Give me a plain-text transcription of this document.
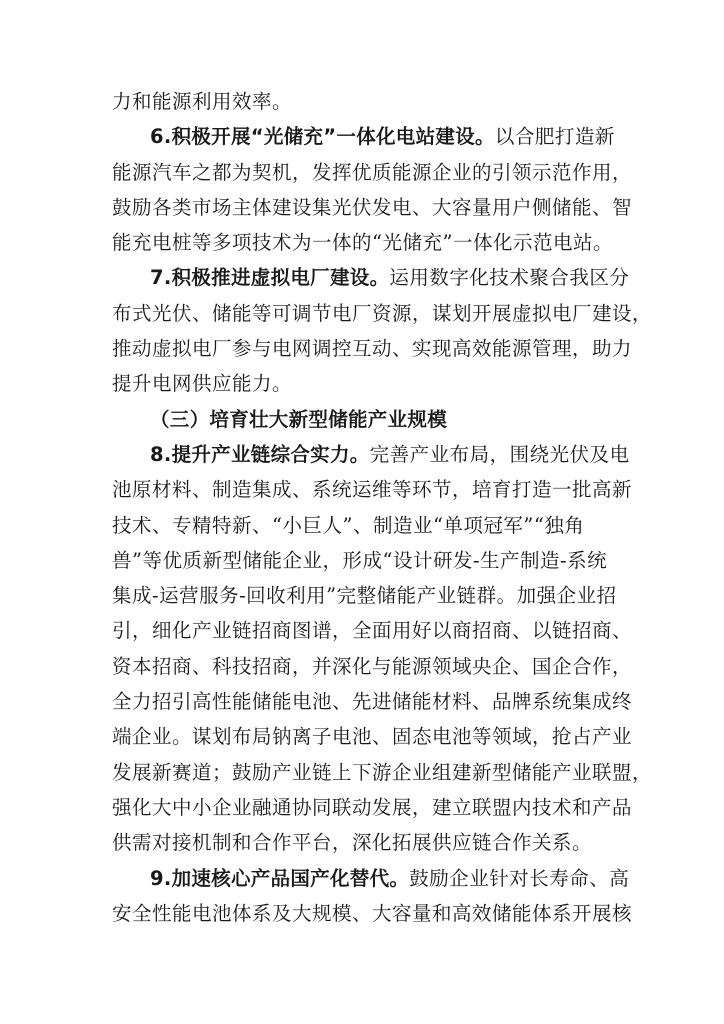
力和能源利用效率。
6.积极开展“光储充”一体化电站建设。以合肥打造新
能源汽车之都为契机，发挥优质能源企业的引领示范作用，
鼓励各类市场主体建设集光伏发电、大容量用户侧储能、智
能充电桩等多项技术为一体的“光储充”一体化示范电站。
7.积极推进虚拟电厂建设。运用数字化技术聚合我区分
布式光伏、储能等可调节电厂资源，谋划开展虚拟电厂建设，
推动虚拟电厂参与电网调控互动、实现高效能源管理，助力
提升电网供应能力。
（三）培育壮大新型储能产业规模
8.提升产业链综合实力。完善产业布局，围绕光伏及电
池原材料、制造集成、系统运维等环节，培育打造一批高新
技术、专精特新、“小巨人”、制造业“单项冠军”“独角
兽”等优质新型储能企业，形成“设计研发-生产制造-系统
集成-运营服务-回收利用”完整储能产业链群。加强企业招
引，细化产业链招商图谱，全面用好以商招商、以链招商、
资本招商、科技招商，并深化与能源领域央企、国企合作，
全力招引高性能储能电池、先进储能材料、品牌系统集成终
端企业。谋划布局钠离子电池、固态电池等领域，抢占产业
发展新赛道；鼓励产业链上下游企业组建新型储能产业联盟，
强化大中小企业融通协同联动发展，建立联盟内技术和产品
供需对接机制和合作平台，深化拓展供应链合作关系。
9.加速核心产品国产化替代。鼓励企业针对长寿命、高
安全性能电池体系及大规模、大容量和高效储能体系开展核
